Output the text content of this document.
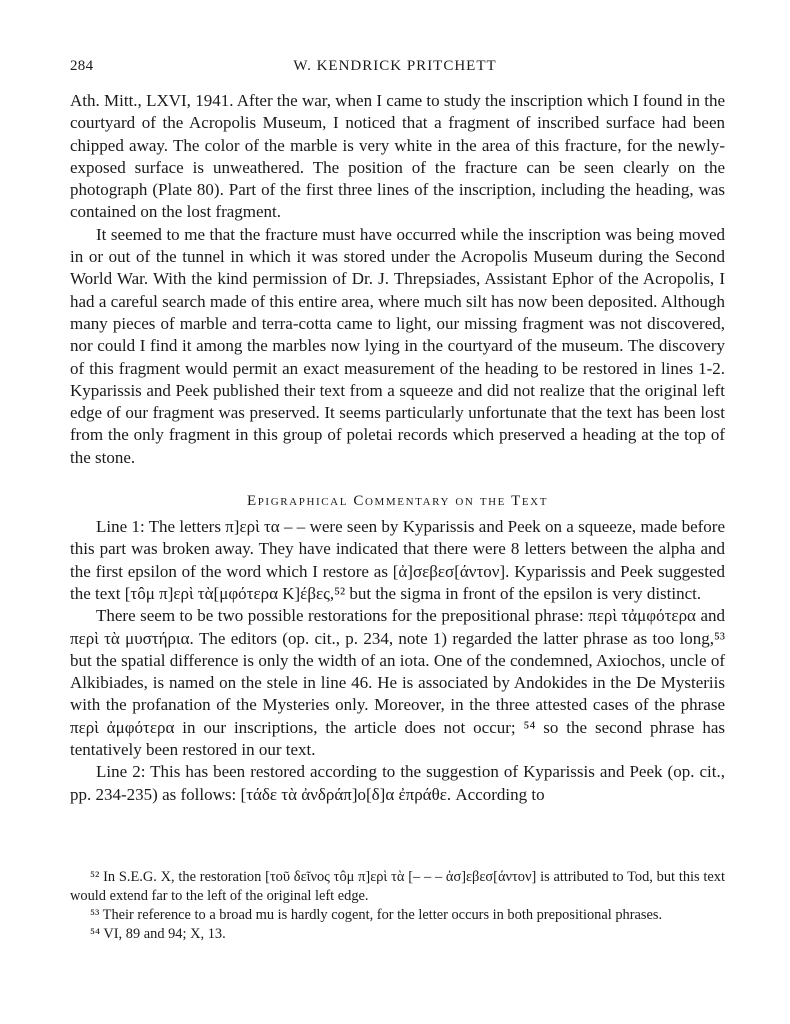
284	W. KENDRICK PRITCHETT

Ath. Mitt., LXVI, 1941. After the war, when I came to study the inscription which I found in the courtyard of the Acropolis Museum, I noticed that a fragment of inscribed surface had been chipped away. The color of the marble is very white in the area of this fracture, for the newly-exposed surface is unweathered. The position of the fracture can be seen clearly on the photograph (Plate 80). Part of the first three lines of the inscription, including the heading, was contained on the lost fragment.

It seemed to me that the fracture must have occurred while the inscription was being moved in or out of the tunnel in which it was stored under the Acropolis Museum during the Second World War. With the kind permission of Dr. J. Threpsiades, Assistant Ephor of the Acropolis, I had a careful search made of this entire area, where much silt has now been deposited. Although many pieces of marble and terra-cotta came to light, our missing fragment was not discovered, nor could I find it among the marbles now lying in the courtyard of the museum. The discovery of this fragment would permit an exact measurement of the heading to be restored in lines 1-2. Kyparissis and Peek published their text from a squeeze and did not realize that the original left edge of our fragment was preserved. It seems particularly unfortunate that the text has been lost from the only fragment in this group of poletai records which preserved a heading at the top of the stone.

Epigraphical Commentary on the Text

Line 1: The letters π]ερὶ τα – – were seen by Kyparissis and Peek on a squeeze, made before this part was broken away. They have indicated that there were 8 letters between the alpha and the first epsilon of the word which I restore as [ἀ]σεβεσ[άντον]. Kyparissis and Peek suggested the text [τôμ π]ερὶ τὰ[μφότερα Κ]έβες,⁵² but the sigma in front of the epsilon is very distinct.

There seem to be two possible restorations for the prepositional phrase: περὶ τἀμφότερα and περὶ τὰ μυστήρια. The editors (op. cit., p. 234, note 1) regarded the latter phrase as too long,⁵³ but the spatial difference is only the width of an iota. One of the condemned, Axiochos, uncle of Alkibiades, is named on the stele in line 46. He is associated by Andokides in the De Mysteriis with the profanation of the Mysteries only. Moreover, in the three attested cases of the phrase περὶ ἀμφότερα in our inscriptions, the article does not occur; ⁵⁴ so the second phrase has tentatively been restored in our text.

Line 2: This has been restored according to the suggestion of Kyparissis and Peek (op. cit., pp. 234-235) as follows: [τάδε τὰ ἀνδράπ]ο[δ]α ἐπράθε. According to

⁵² In S.E.G. X, the restoration [τοῦ δεῖνος τôμ π]ερὶ τὰ [– – – ἀσ]εβεσ[άντον] is attributed to Tod, but this text would extend far to the left of the original left edge.

⁵³ Their reference to a broad mu is hardly cogent, for the letter occurs in both prepositional phrases.

⁵⁴ VI, 89 and 94; X, 13.
